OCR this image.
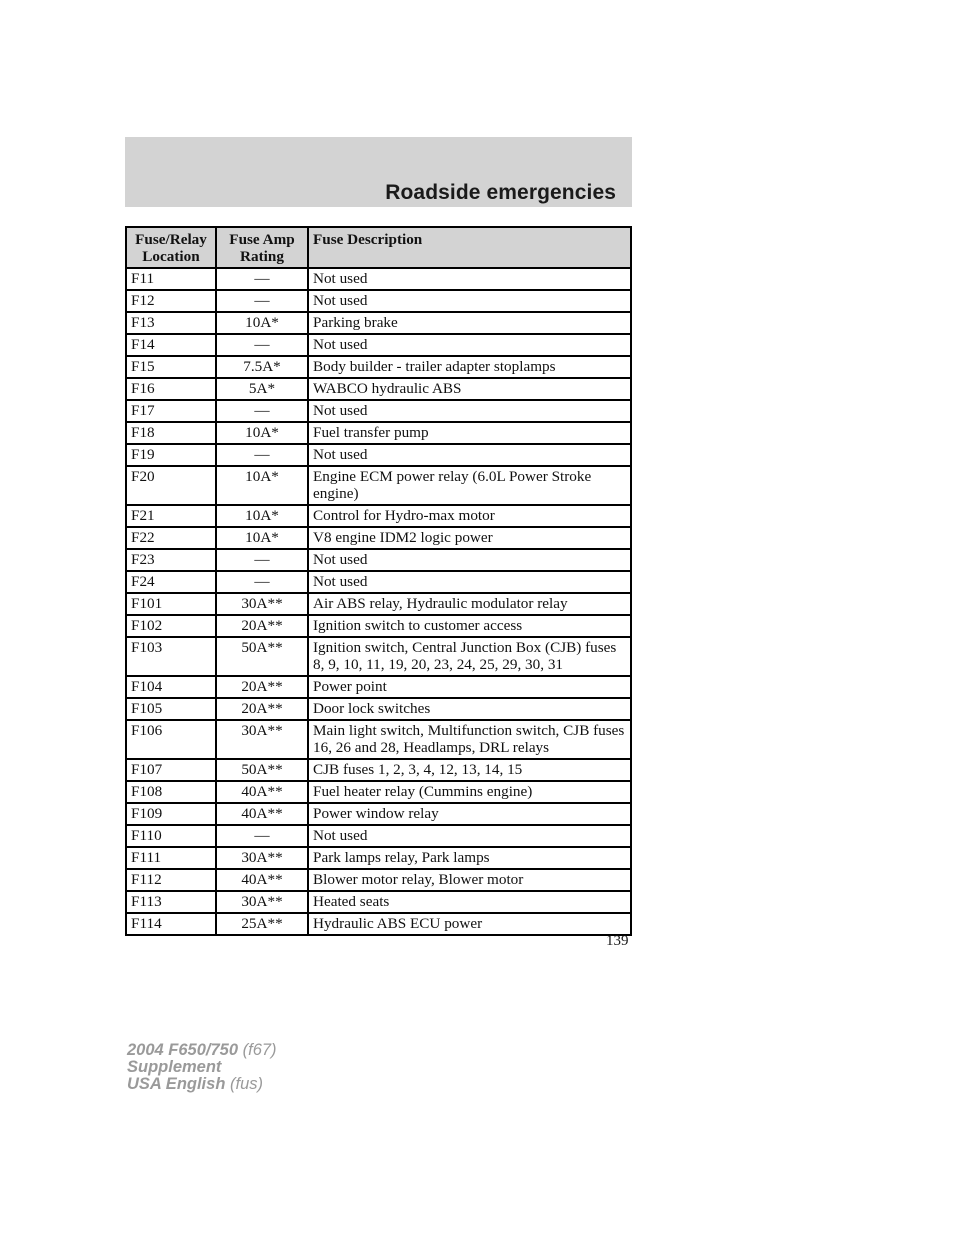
Roadside emergencies
Fuse/Relay Location	Fuse Amp Rating	Fuse Description
F11	—	Not used
F12	—	Not used
F13	10A*	Parking brake
F14	—	Not used
F15	7.5A*	Body builder - trailer adapter stoplamps
F16	5A*	WABCO hydraulic ABS
F17	—	Not used
F18	10A*	Fuel transfer pump
F19	—	Not used
F20	10A*	Engine ECM power relay (6.0L Power Stroke engine)
F21	10A*	Control for Hydro-max motor
F22	10A*	V8 engine IDM2 logic power
F23	—	Not used
F24	—	Not used
F101	30A**	Air ABS relay, Hydraulic modulator relay
F102	20A**	Ignition switch to customer access
F103	50A**	Ignition switch, Central Junction Box (CJB) fuses 8, 9, 10, 11, 19, 20, 23, 24, 25, 29, 30, 31
F104	20A**	Power point
F105	20A**	Door lock switches
F106	30A**	Main light switch, Multifunction switch, CJB fuses 16, 26 and 28, Headlamps, DRL relays
F107	50A**	CJB fuses 1, 2, 3, 4, 12, 13, 14, 15
F108	40A**	Fuel heater relay (Cummins engine)
F109	40A**	Power window relay
F110	—	Not used
F111	30A**	Park lamps relay, Park lamps
F112	40A**	Blower motor relay, Blower motor
F113	30A**	Heated seats
F114	25A**	Hydraulic ABS ECU power
139
2004 F650/750 (f67)
Supplement
USA English (fus)
